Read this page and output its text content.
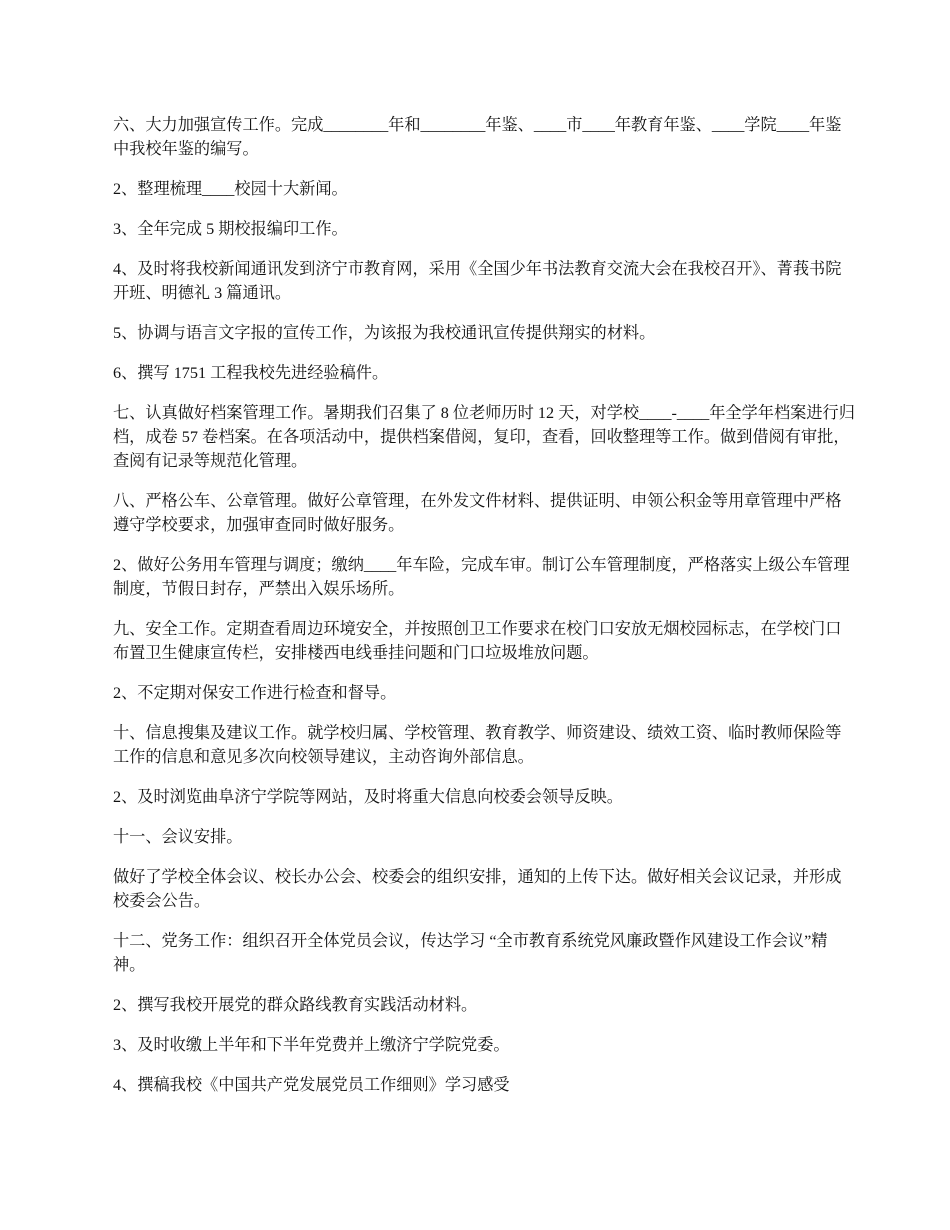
六、大力加强宣传工作。完成________年和________年鉴、____市____年教育年鉴、____学院____年鉴中我校年鉴的编写。

2、整理梳理____校园十大新闻。

3、全年完成 5 期校报编印工作。

4、及时将我校新闻通讯发到济宁市教育网，采用《全国少年书法教育交流大会在我校召开》、菁莪书院开班、明德礼 3 篇通讯。

5、协调与语言文字报的宣传工作，为该报为我校通讯宣传提供翔实的材料。

6、撰写 1751 工程我校先进经验稿件。

七、认真做好档案管理工作。暑期我们召集了 8 位老师历时 12 天，对学校____-____年全学年档案进行归档，成卷 57 卷档案。在各项活动中，提供档案借阅，复印，查看，回收整理等工作。做到借阅有审批，查阅有记录等规范化管理。

八、严格公车、公章管理。做好公章管理，在外发文件材料、提供证明、申领公积金等用章管理中严格遵守学校要求，加强审查同时做好服务。

2、做好公务用车管理与调度；缴纳____年车险，完成车审。制订公车管理制度，严格落实上级公车管理制度，节假日封存，严禁出入娱乐场所。

九、安全工作。定期查看周边环境安全，并按照创卫工作要求在校门口安放无烟校园标志，在学校门口布置卫生健康宣传栏，安排楼西电线垂挂问题和门口垃圾堆放问题。

2、不定期对保安工作进行检查和督导。

十、信息搜集及建议工作。就学校归属、学校管理、教育教学、师资建设、绩效工资、临时教师保险等工作的信息和意见多次向校领导建议，主动咨询外部信息。

2、及时浏览曲阜济宁学院等网站，及时将重大信息向校委会领导反映。

十一、会议安排。

做好了学校全体会议、校长办公会、校委会的组织安排，通知的上传下达。做好相关会议记录，并形成校委会公告。

十二、党务工作：组织召开全体党员会议，传达学习 “全市教育系统党风廉政暨作风建设工作会议”精神。

2、撰写我校开展党的群众路线教育实践活动材料。

3、及时收缴上半年和下半年党费并上缴济宁学院党委。

4、撰稿我校《中国共产党发展党员工作细则》学习感受
